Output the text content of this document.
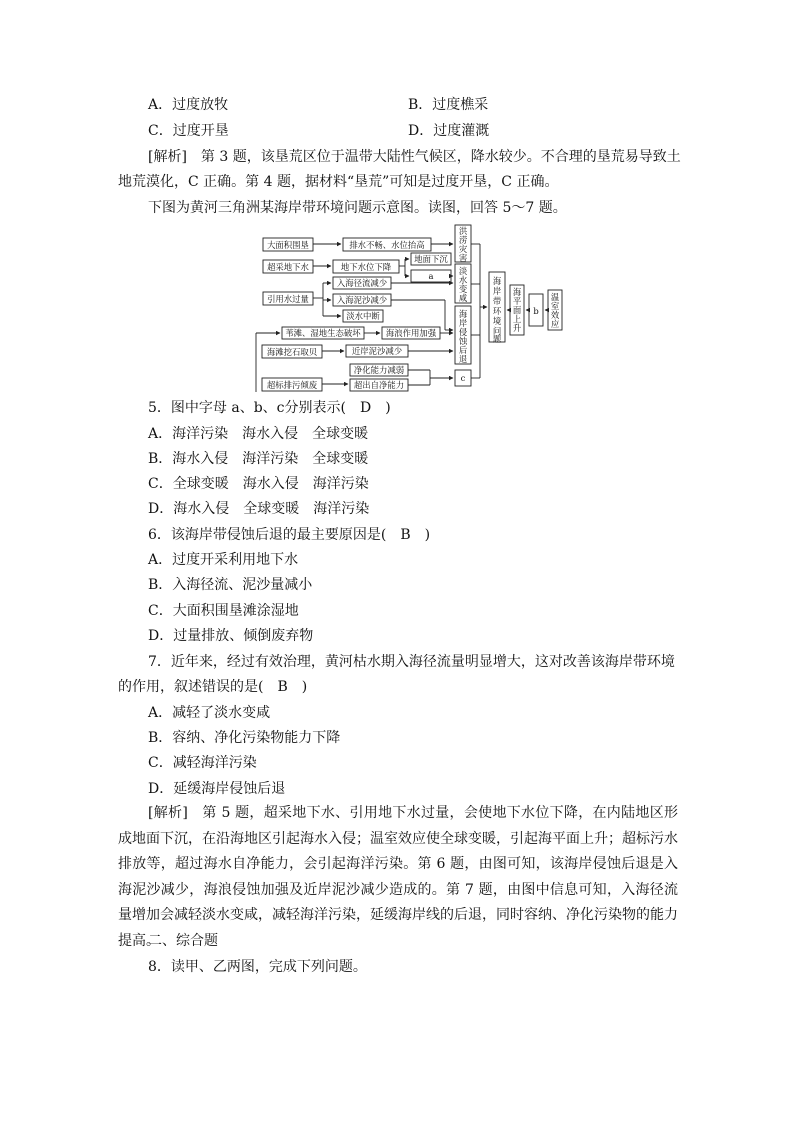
A．过度放牧	B．过度樵采
C．过度开垦	D．过度灌溉
[解析]　第 3 题，该垦荒区位于温带大陆性气候区，降水较少。不合理的垦荒易导致土
地荒漠化，C 正确。第 4 题，据材料“垦荒”可知是过度开垦，C 正确。
下图为黄河三角洲某海岸带环境问题示意图。读图，回答 5～7 题。
大面积围垦
超采地下水
引用水过量
海滩挖石取贝
超标排污倾废
排水不畅、水位抬高
地下水位下降
地面下沉
a
入海径流减少
入海泥沙减少
淡水中断
苇滩、湿地生态破坏	海浪作用加强
近岸泥沙减少
净化能力减弱
超出自净能力
c
洪
涝
灾
害
淡
水
变
咸
海
岸
侵
蚀
后
退
海
岸
带
环
境
问
题
海
平
面
上
升
b
温
室
效
应
5．图中字母 a、b、c分别表示(　D　)
A．海洋污染　海水入侵　全球变暖
B．海水入侵　海洋污染　全球变暖
C．全球变暖　海水入侵　海洋污染
D．海水入侵　全球变暖　海洋污染
6．该海岸带侵蚀后退的最主要原因是(　B　)
A．过度开采利用地下水
B．入海径流、泥沙量减小
C．大面积围垦滩涂湿地
D．过量排放、倾倒废弃物
7．近年来，经过有效治理，黄河枯水期入海径流量明显增大，这对改善该海岸带环境
的作用，叙述错误的是(　B　)
A．减轻了淡水变咸
B．容纳、净化污染物能力下降
C．减轻海洋污染
D．延缓海岸侵蚀后退
[解析]　第 5 题，超采地下水、引用地下水过量，会使地下水位下降，在内陆地区形成地面下沉，在沿海地区引起海水入侵；温室效应使全球变暖，引起海平面上升；超标污水排放等，超过海水自净能力，会引起海洋污染。第 6 题，由图可知，该海岸侵蚀后退是入海泥沙减少，海浪侵蚀加强及近岸泥沙减少造成的。第 7 题，由图中信息可知，入海径流量增加会减轻淡水变咸，减轻海洋污染，延缓海岸线的后退，同时容纳、净化污染物的能力提高。
二、综合题
8．读甲、乙两图，完成下列问题。
